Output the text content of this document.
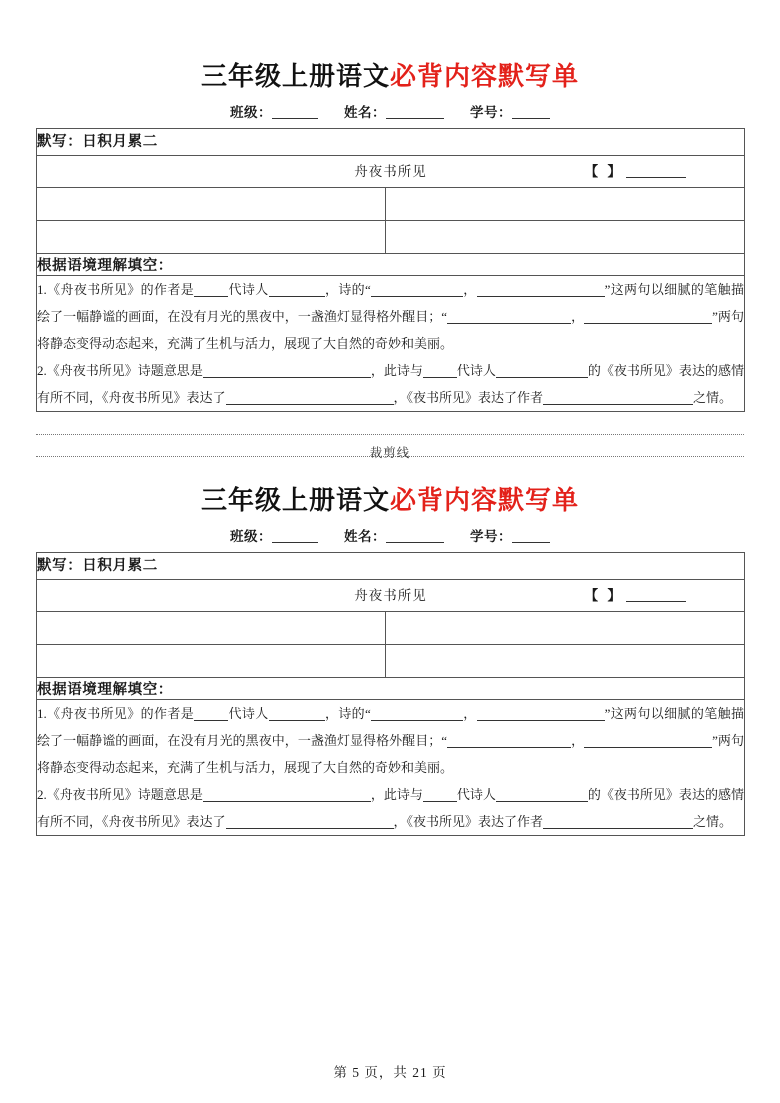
三年级上册语文必背内容默写单
班级：	姓名：	学号：
默写：日积月累二	

舟夜书所见 【 】	

根据语境理解填空：	

1.《舟夜书所见》的作者是 代诗人 ，诗的“ ， ”这两句以细腻的笔触描绘了一幅静谧的画面，在没有月光的黑夜中，一盏渔灯显得格外醒目；“ ， ”两句将静态变得动态起来，充满了生机与活力，展现了大自然的奇妙和美丽。

2.《舟夜书所见》诗题意思是 ，此诗与 代诗人 的《夜书所见》表达的感情有所不同，《舟夜书所见》表达了 ，《夜书所见》表达了作者 之情。	

裁剪线
三年级上册语文必背内容默写单
班级：	姓名：	学号：
默写：日积月累二	

舟夜书所见 【 】	

根据语境理解填空：	

1.《舟夜书所见》的作者是 代诗人 ，诗的“ ， ”这两句以细腻的笔触描绘了一幅静谧的画面，在没有月光的黑夜中，一盏渔灯显得格外醒目；“ ， ”两句将静态变得动态起来，充满了生机与活力，展现了大自然的奇妙和美丽。

2.《舟夜书所见》诗题意思是 ，此诗与 代诗人 的《夜书所见》表达的感情有所不同，《舟夜书所见》表达了 ，《夜书所见》表达了作者 之情。	

第 5 页，共 21 页
